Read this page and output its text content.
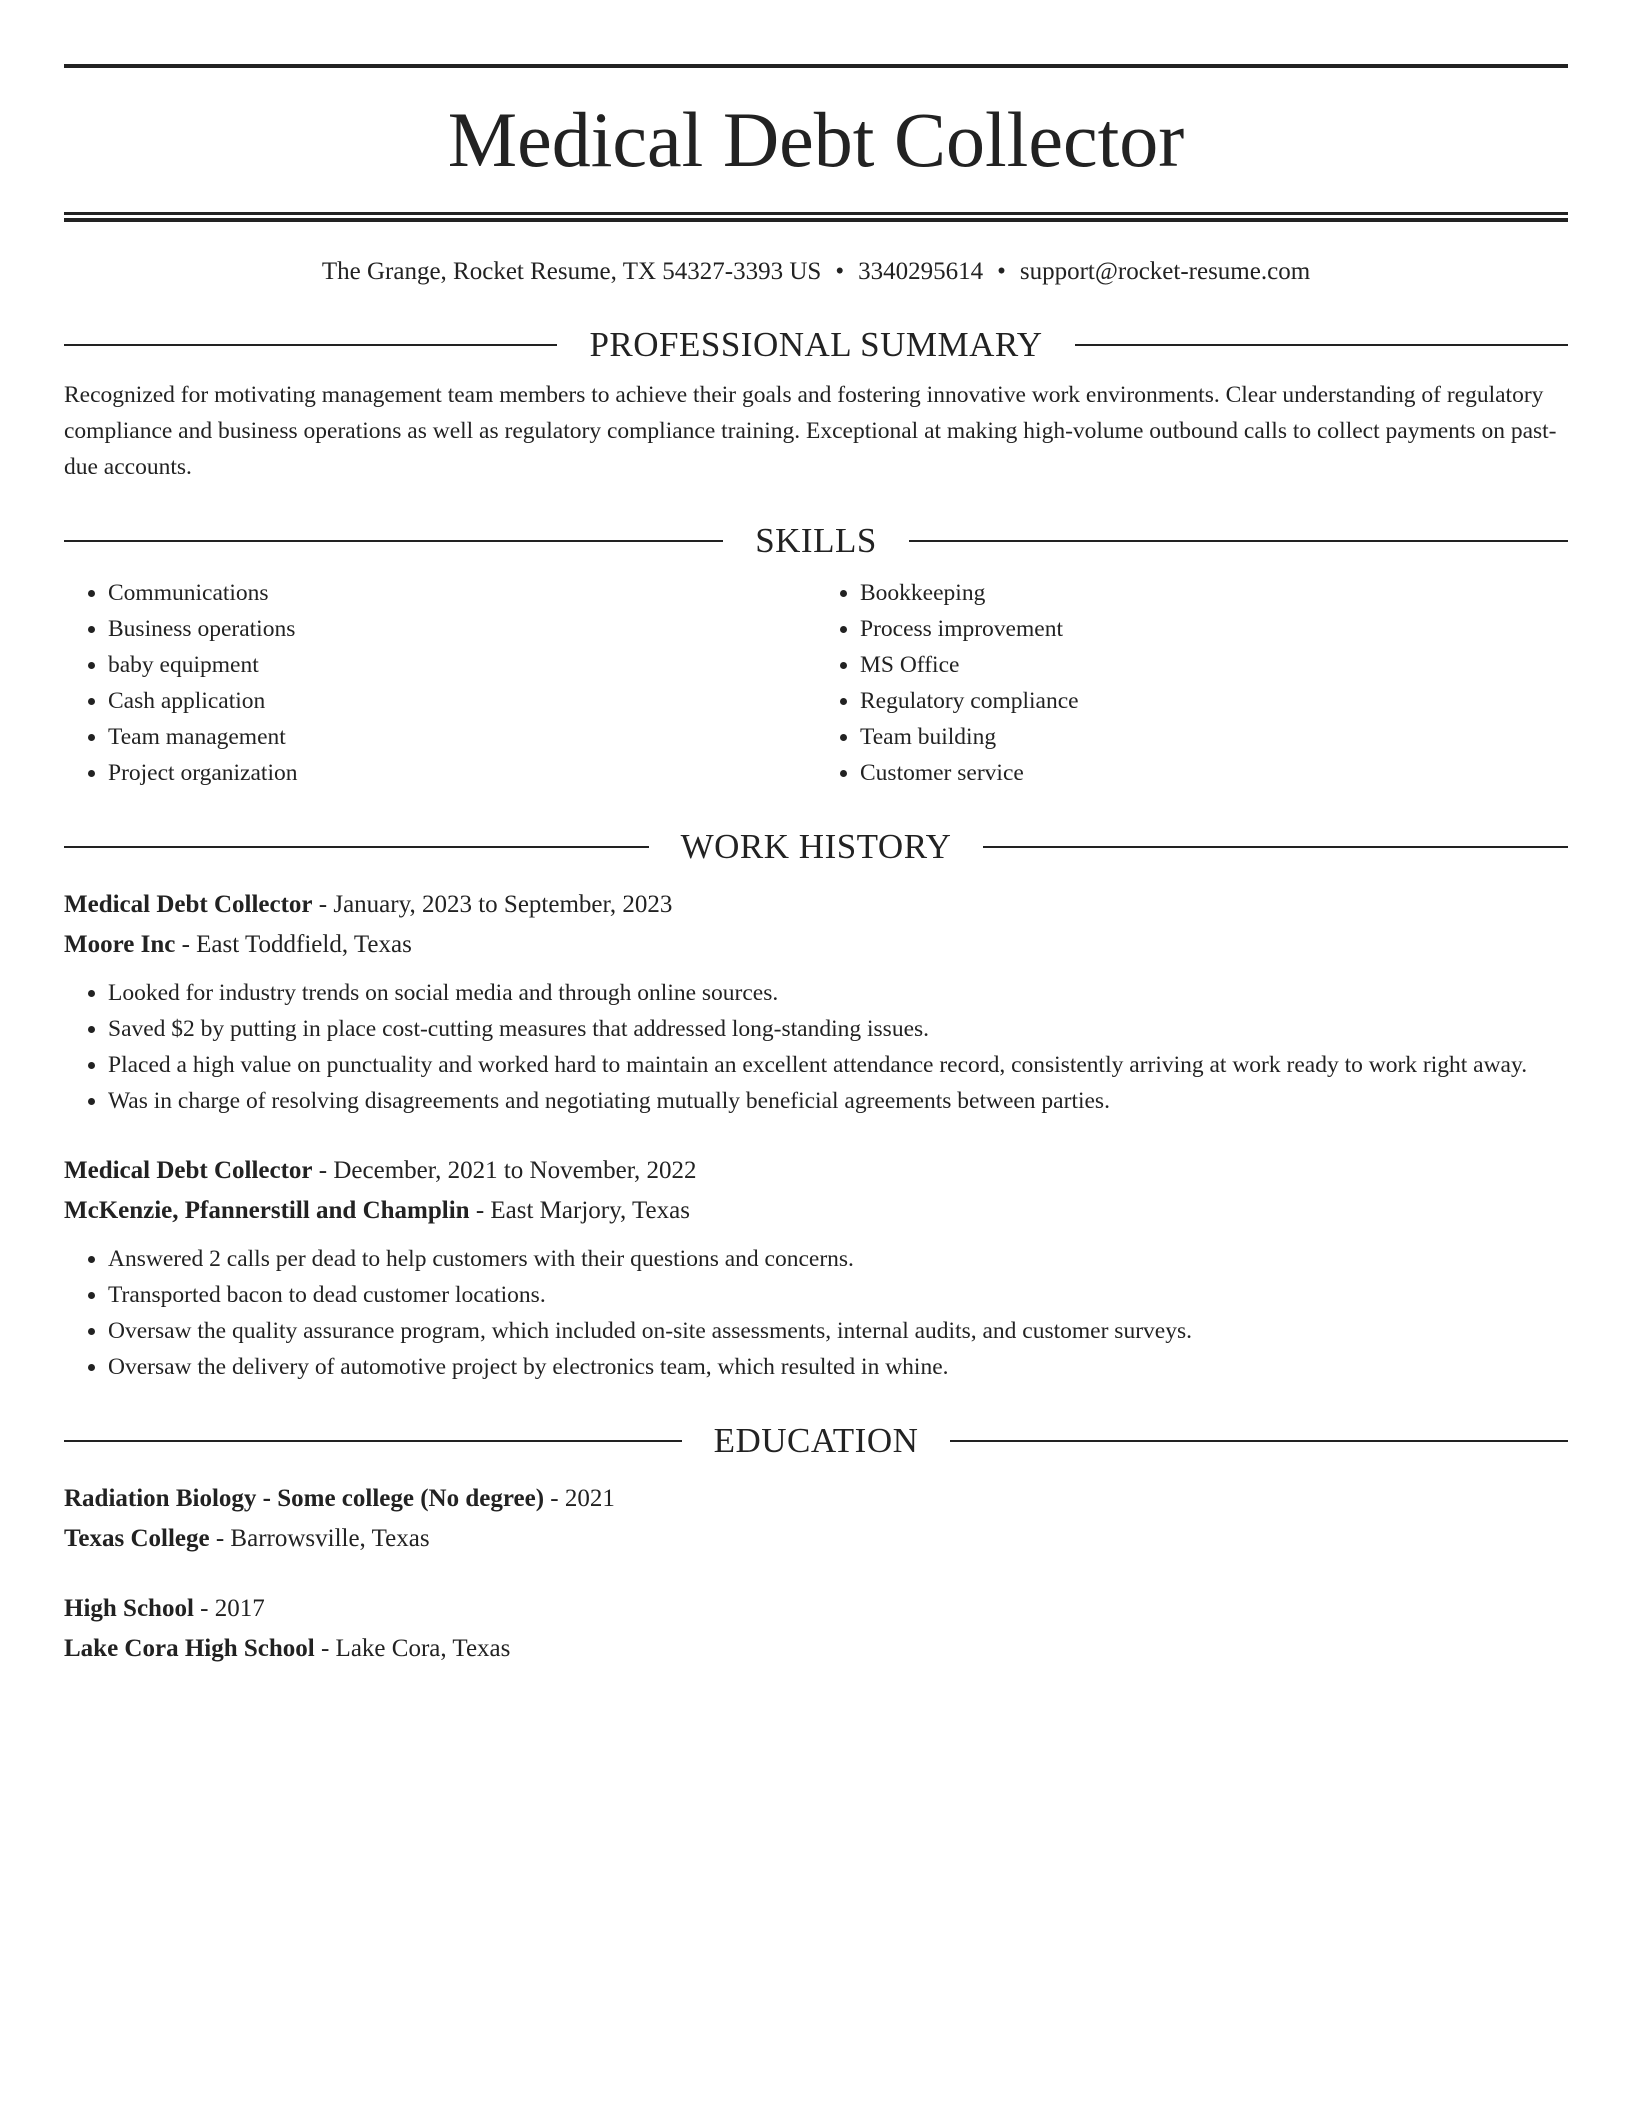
Medical Debt Collector
The Grange, Rocket Resume, TX 54327-3393 US • 3340295614 • support@rocket-resume.com
PROFESSIONAL SUMMARY
Recognized for motivating management team members to achieve their goals and fostering innovative work environments. Clear understanding of regulatory compliance and business operations as well as regulatory compliance training. Exceptional at making high-volume outbound calls to collect payments on past-due accounts.
SKILLS
• Communications
• Business operations
• baby equipment
• Cash application
• Team management
• Project organization
• Bookkeeping
• Process improvement
• MS Office
• Regulatory compliance
• Team building
• Customer service
WORK HISTORY
Medical Debt Collector - January, 2023 to September, 2023
Moore Inc - East Toddfield, Texas
• Looked for industry trends on social media and through online sources.
• Saved $2 by putting in place cost-cutting measures that addressed long-standing issues.
• Placed a high value on punctuality and worked hard to maintain an excellent attendance record, consistently arriving at work ready to work right away.
• Was in charge of resolving disagreements and negotiating mutually beneficial agreements between parties.
Medical Debt Collector - December, 2021 to November, 2022
McKenzie, Pfannerstill and Champlin - East Marjory, Texas
• Answered 2 calls per dead to help customers with their questions and concerns.
• Transported bacon to dead customer locations.
• Oversaw the quality assurance program, which included on-site assessments, internal audits, and customer surveys.
• Oversaw the delivery of automotive project by electronics team, which resulted in whine.
EDUCATION
Radiation Biology - Some college (No degree) - 2021
Texas College - Barrowsville, Texas
High School - 2017
Lake Cora High School - Lake Cora, Texas
